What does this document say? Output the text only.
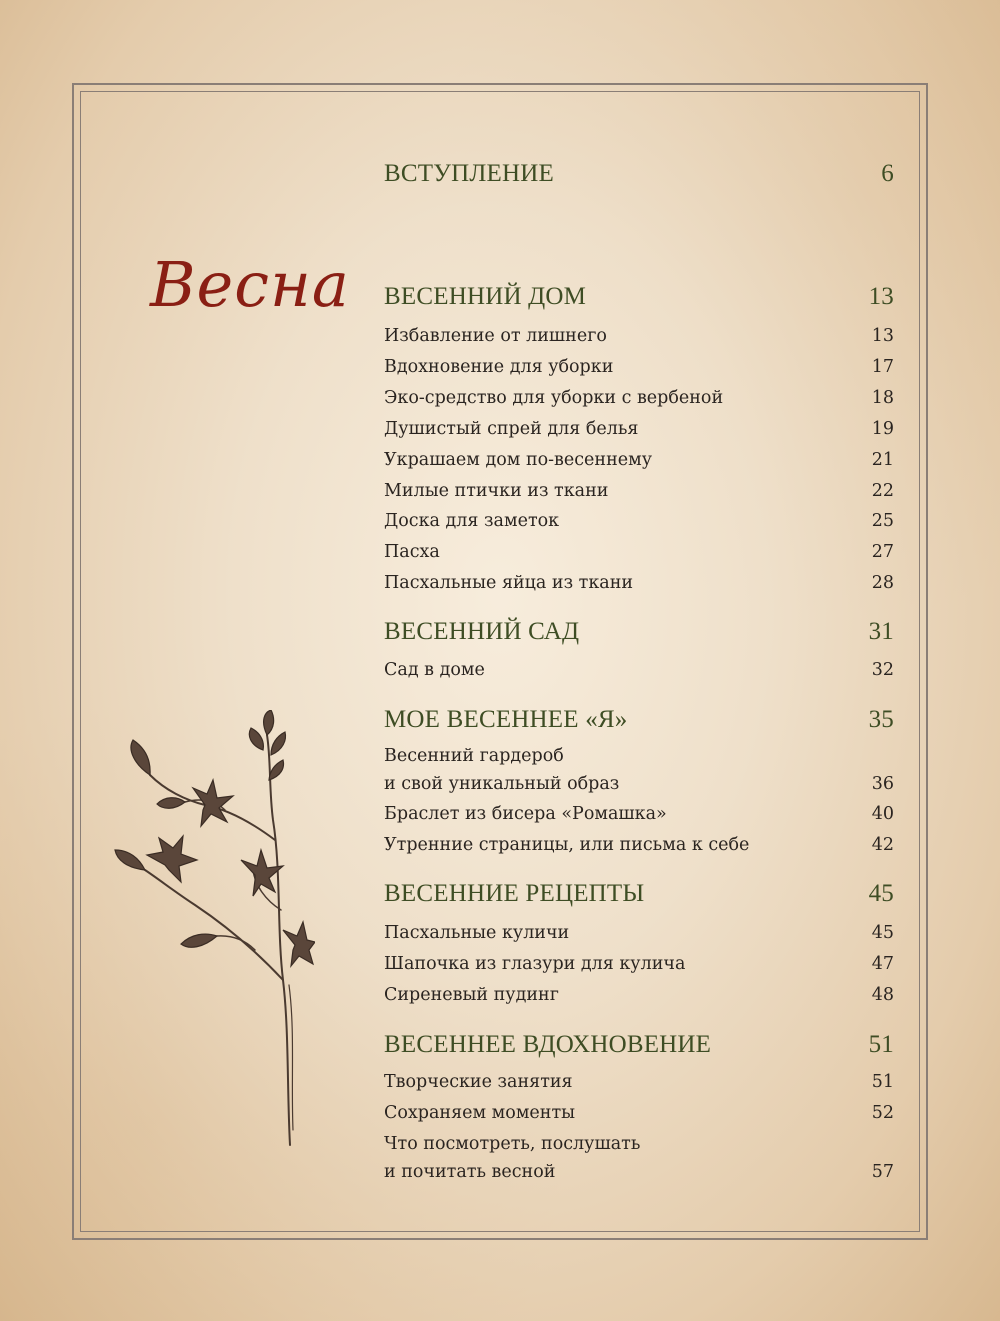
Весна
ВСТУПЛЕНИЕ	6
ВЕСЕННИЙ ДОМ	13
Избавление от лишнего	13
Вдохновение для уборки	17
Эко-средство для уборки с вербеной	18
Душистый спрей для белья	19
Украшаем дом по-весеннему	21
Милые птички из ткани	22
Доска для заметок	25
Пасха	27
Пасхальные яйца из ткани	28
ВЕСЕННИЙ САД	31
Сад в доме	32
МОЕ ВЕСЕННЕЕ «Я»	35
Весенний гардероб
и свой уникальный образ	36
Браслет из бисера «Ромашка»	40
Утренние страницы, или письма к себе	42
ВЕСЕННИЕ РЕЦЕПТЫ	45
Пасхальные куличи	45
Шапочка из глазури для кулича	47
Сиреневый пудинг	48
ВЕСЕННЕЕ ВДОХНОВЕНИЕ	51
Творческие занятия	51
Сохраняем моменты	52
Что посмотреть, послушать
и почитать весной	57
